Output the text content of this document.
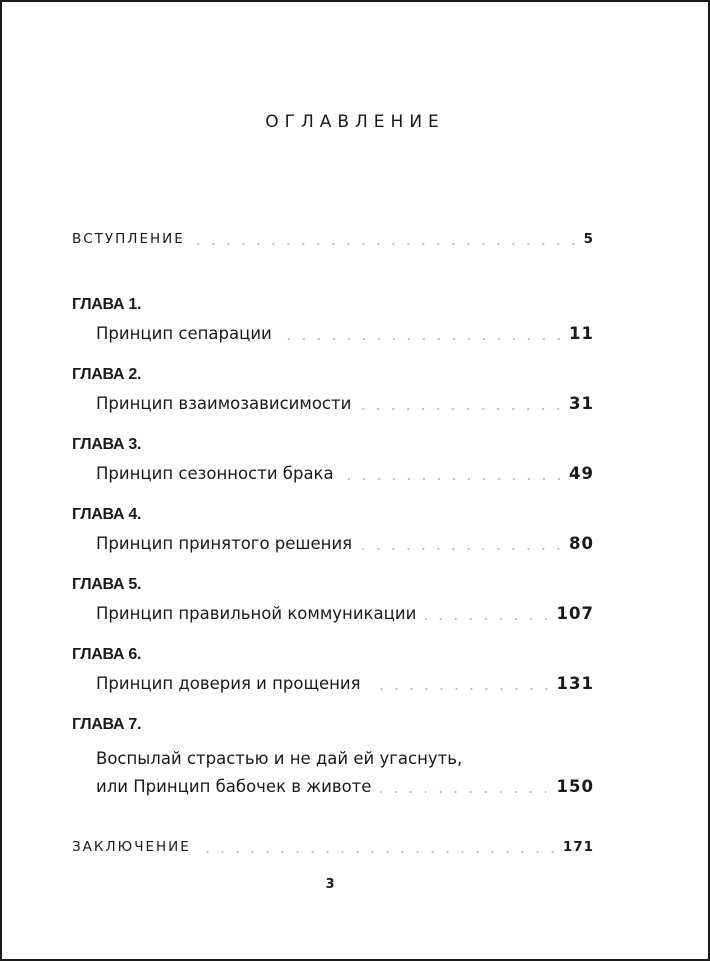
ОГЛАВЛЕНИЕ
ВСТУПЛЕНИЕ	5
ГЛАВА 1.
Принцип сепарации	11
ГЛАВА 2.
Принцип взаимозависимости	31
ГЛАВА 3.
Принцип сезонности брака	49
ГЛАВА 4.
Принцип принятого решения	80
ГЛАВА 5.
Принцип правильной коммуникации	107
ГЛАВА 6.
Принцип доверия и прощения	131
ГЛАВА 7.
Воспылай страстью и не дай ей угаснуть,
или Принцип бабочек в животе	150
ЗАКЛЮЧЕНИЕ	171
3
